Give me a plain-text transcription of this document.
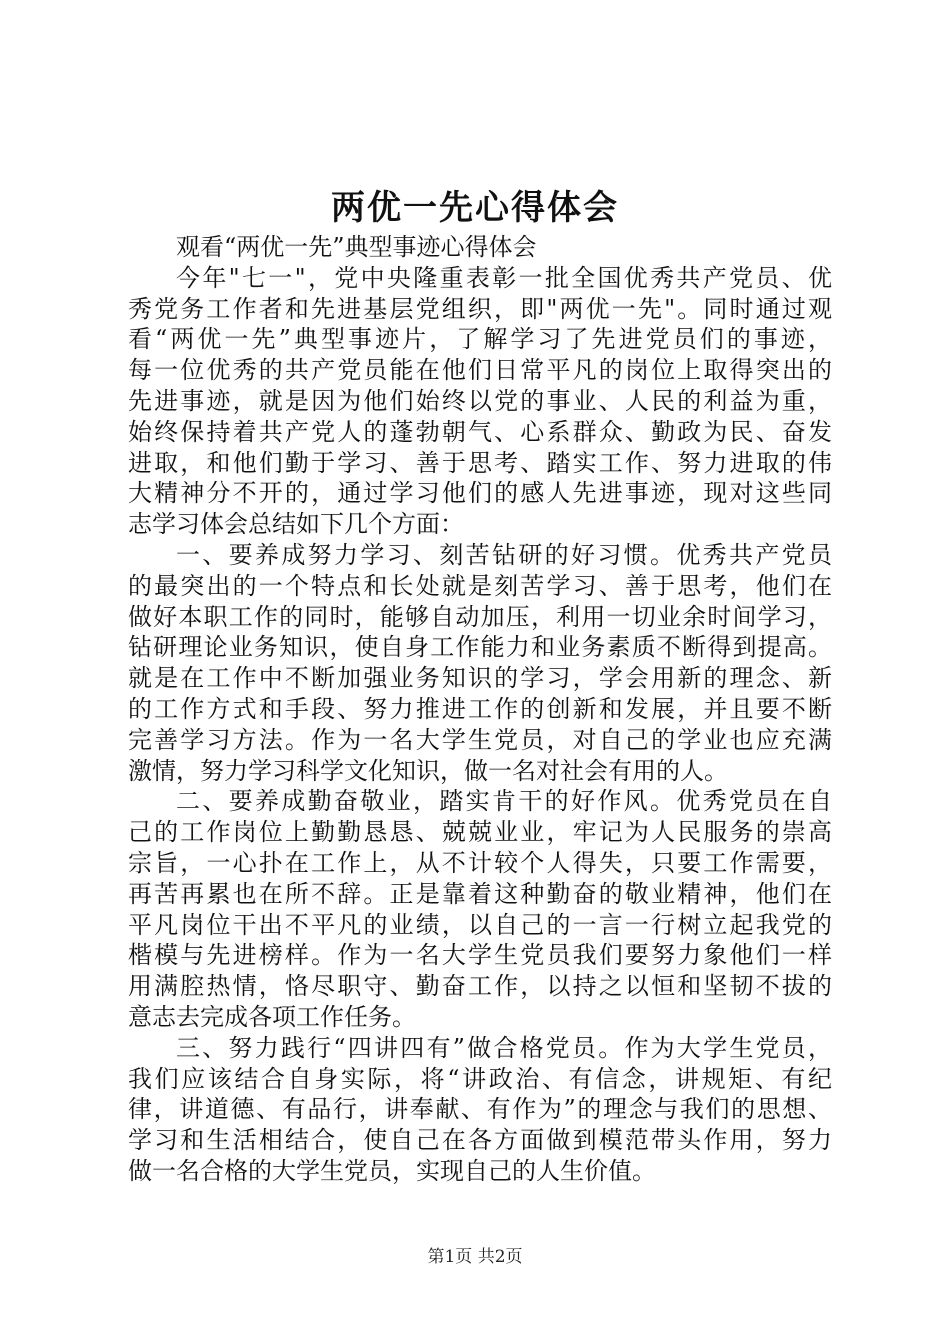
两优一先心得体会
观看“两优一先”典型事迹心得体会
今年"七一"，党中央隆重表彰一批全国优秀共产党员、优
秀党务工作者和先进基层党组织，即"两优一先"。同时通过观
看“两优一先”典型事迹片，了解学习了先进党员们的事迹，
每一位优秀的共产党员能在他们日常平凡的岗位上取得突出的
先进事迹，就是因为他们始终以党的事业、人民的利益为重，
始终保持着共产党人的蓬勃朝气、心系群众、勤政为民、奋发
进取，和他们勤于学习、善于思考、踏实工作、努力进取的伟
大精神分不开的，通过学习他们的感人先进事迹，现对这些同
志学习体会总结如下几个方面：
一、要养成努力学习、刻苦钻研的好习惯。优秀共产党员
的最突出的一个特点和长处就是刻苦学习、善于思考，他们在
做好本职工作的同时，能够自动加压，利用一切业余时间学习，
钻研理论业务知识，使自身工作能力和业务素质不断得到提高。
就是在工作中不断加强业务知识的学习，学会用新的理念、新
的工作方式和手段、努力推进工作的创新和发展，并且要不断
完善学习方法。作为一名大学生党员，对自己的学业也应充满
激情，努力学习科学文化知识，做一名对社会有用的人。
二、要养成勤奋敬业，踏实肯干的好作风。优秀党员在自
己的工作岗位上勤勤恳恳、兢兢业业，牢记为人民服务的崇高
宗旨，一心扑在工作上，从不计较个人得失，只要工作需要，
再苦再累也在所不辞。正是靠着这种勤奋的敬业精神，他们在
平凡岗位干出不平凡的业绩，以自己的一言一行树立起我党的
楷模与先进榜样。作为一名大学生党员我们要努力象他们一样
用满腔热情，恪尽职守、勤奋工作，以持之以恒和坚韧不拔的
意志去完成各项工作任务。
三、努力践行“四讲四有”做合格党员。作为大学生党员，
我们应该结合自身实际，将“讲政治、有信念，讲规矩、有纪
律，讲道德、有品行，讲奉献、有作为”的理念与我们的思想、
学习和生活相结合，使自己在各方面做到模范带头作用，努力
做一名合格的大学生党员，实现自己的人生价值。
第1页 共2页
